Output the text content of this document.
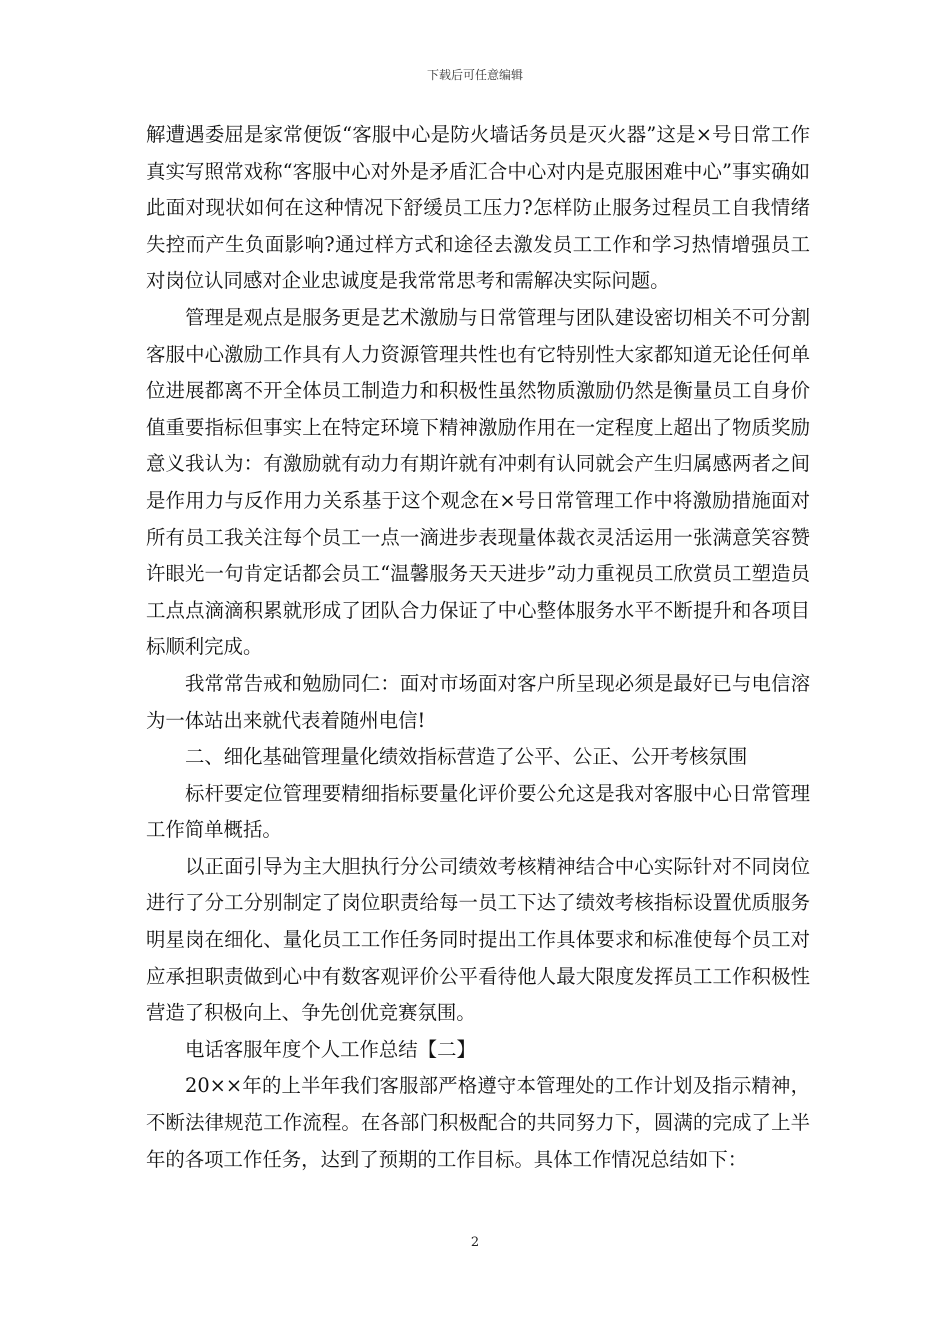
下载后可任意编辑

解遭遇委屈是家常便饭“客服中心是防火墙话务员是灭火器”这是×号日常工作真实写照常戏称“客服中心对外是矛盾汇合中心对内是克服困难中心”事实确如此面对现状如何在这种情况下舒缓员工压力?怎样防止服务过程员工自我情绪失控而产生负面影响?通过样方式和途径去激发员工工作和学习热情增强员工对岗位认同感对企业忠诚度是我常常思考和需解决实际问题。

管理是观点是服务更是艺术激励与日常管理与团队建设密切相关不可分割客服中心激励工作具有人力资源管理共性也有它特别性大家都知道无论任何单位进展都离不开全体员工制造力和积极性虽然物质激励仍然是衡量员工自身价值重要指标但事实上在特定环境下精神激励作用在一定程度上超出了物质奖励意义我认为：有激励就有动力有期许就有冲刺有认同就会产生归属感两者之间是作用力与反作用力关系基于这个观念在×号日常管理工作中将激励措施面对所有员工我关注每个员工一点一滴进步表现量体裁衣灵活运用一张满意笑容赞许眼光一句肯定话都会员工“温馨服务天天进步”动力重视员工欣赏员工塑造员工点点滴滴积累就形成了团队合力保证了中心整体服务水平不断提升和各项目标顺利完成。

我常常告戒和勉励同仁：面对市场面对客户所呈现必须是最好已与电信溶为一体站出来就代表着随州电信!

二、细化基础管理量化绩效指标营造了公平、公正、公开考核氛围

标杆要定位管理要精细指标要量化评价要公允这是我对客服中心日常管理工作简单概括。

以正面引导为主大胆执行分公司绩效考核精神结合中心实际针对不同岗位进行了分工分别制定了岗位职责给每一员工下达了绩效考核指标设置优质服务明星岗在细化、量化员工工作任务同时提出工作具体要求和标准使每个员工对应承担职责做到心中有数客观评价公平看待他人最大限度发挥员工工作积极性营造了积极向上、争先创优竞赛氛围。

电话客服年度个人工作总结【二】

20××年的上半年我们客服部严格遵守本管理处的工作计划及指示精神，不断法律规范工作流程。在各部门积极配合的共同努力下，圆满的完成了上半年的各项工作任务，达到了预期的工作目标。具体工作情况总结如下：

2
